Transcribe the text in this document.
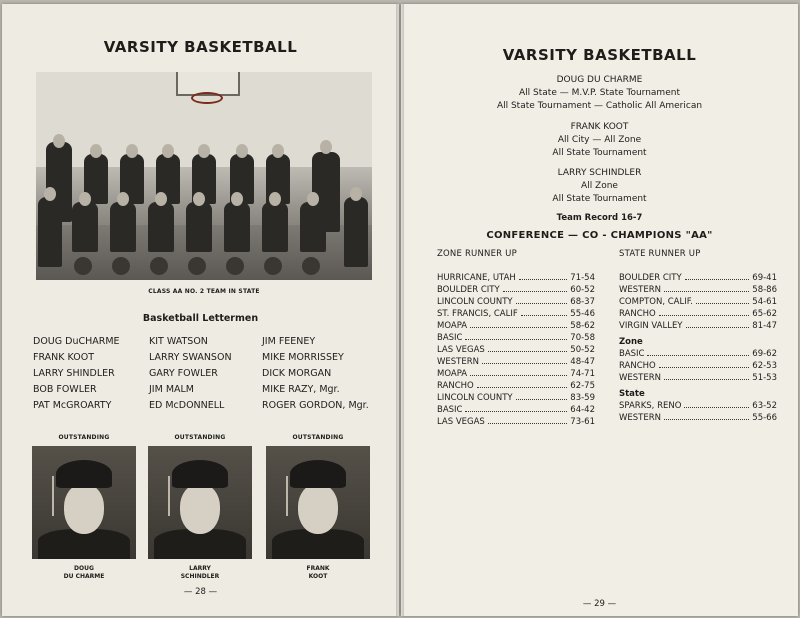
VARSITY BASKETBALL
CLASS AA NO. 2 TEAM IN STATE
Basketball Lettermen
DOUG DuCHARME
FRANK KOOT
LARRY SHINDLER
BOB FOWLER
PAT McGROARTY
KIT WATSON
LARRY SWANSON
GARY FOWLER
JIM MALM
ED McDONNELL
JIM FEENEY
MIKE MORRISSEY
DICK MORGAN
MIKE RAZY, Mgr.
ROGER GORDON, Mgr.
OUTSTANDING
DOUG
DU CHARME
OUTSTANDING
LARRY
SCHINDLER
OUTSTANDING
FRANK
KOOT
— 28 —
VARSITY BASKETBALL
DOUG DU CHARME
All State — M.V.P. State Tournament
All State Tournament — Catholic All American
FRANK KOOT
All City — All Zone
All State Tournament
LARRY SCHINDLER
All Zone
All State Tournament
Team Record 16-7
CONFERENCE — CO - CHAMPIONS "AA"
ZONE RUNNER UP	STATE RUNNER UP
HURRICANE, UTAH	71-54
BOULDER CITY	60-52
LINCOLN COUNTY	68-37
ST. FRANCIS, CALIF	55-46
MOAPA	58-62
BASIC	70-58
LAS VEGAS	50-52
WESTERN	48-47
MOAPA	74-71
RANCHO	62-75
LINCOLN COUNTY	83-59
BASIC	64-42
LAS VEGAS	73-61
BOULDER CITY	69-41
WESTERN	58-86
COMPTON, CALIF.	54-61
RANCHO	65-62
VIRGIN VALLEY	81-47
Zone
BASIC	69-62
RANCHO	62-53
WESTERN	51-53
State
SPARKS, RENO	63-52
WESTERN	55-66
— 29 —
